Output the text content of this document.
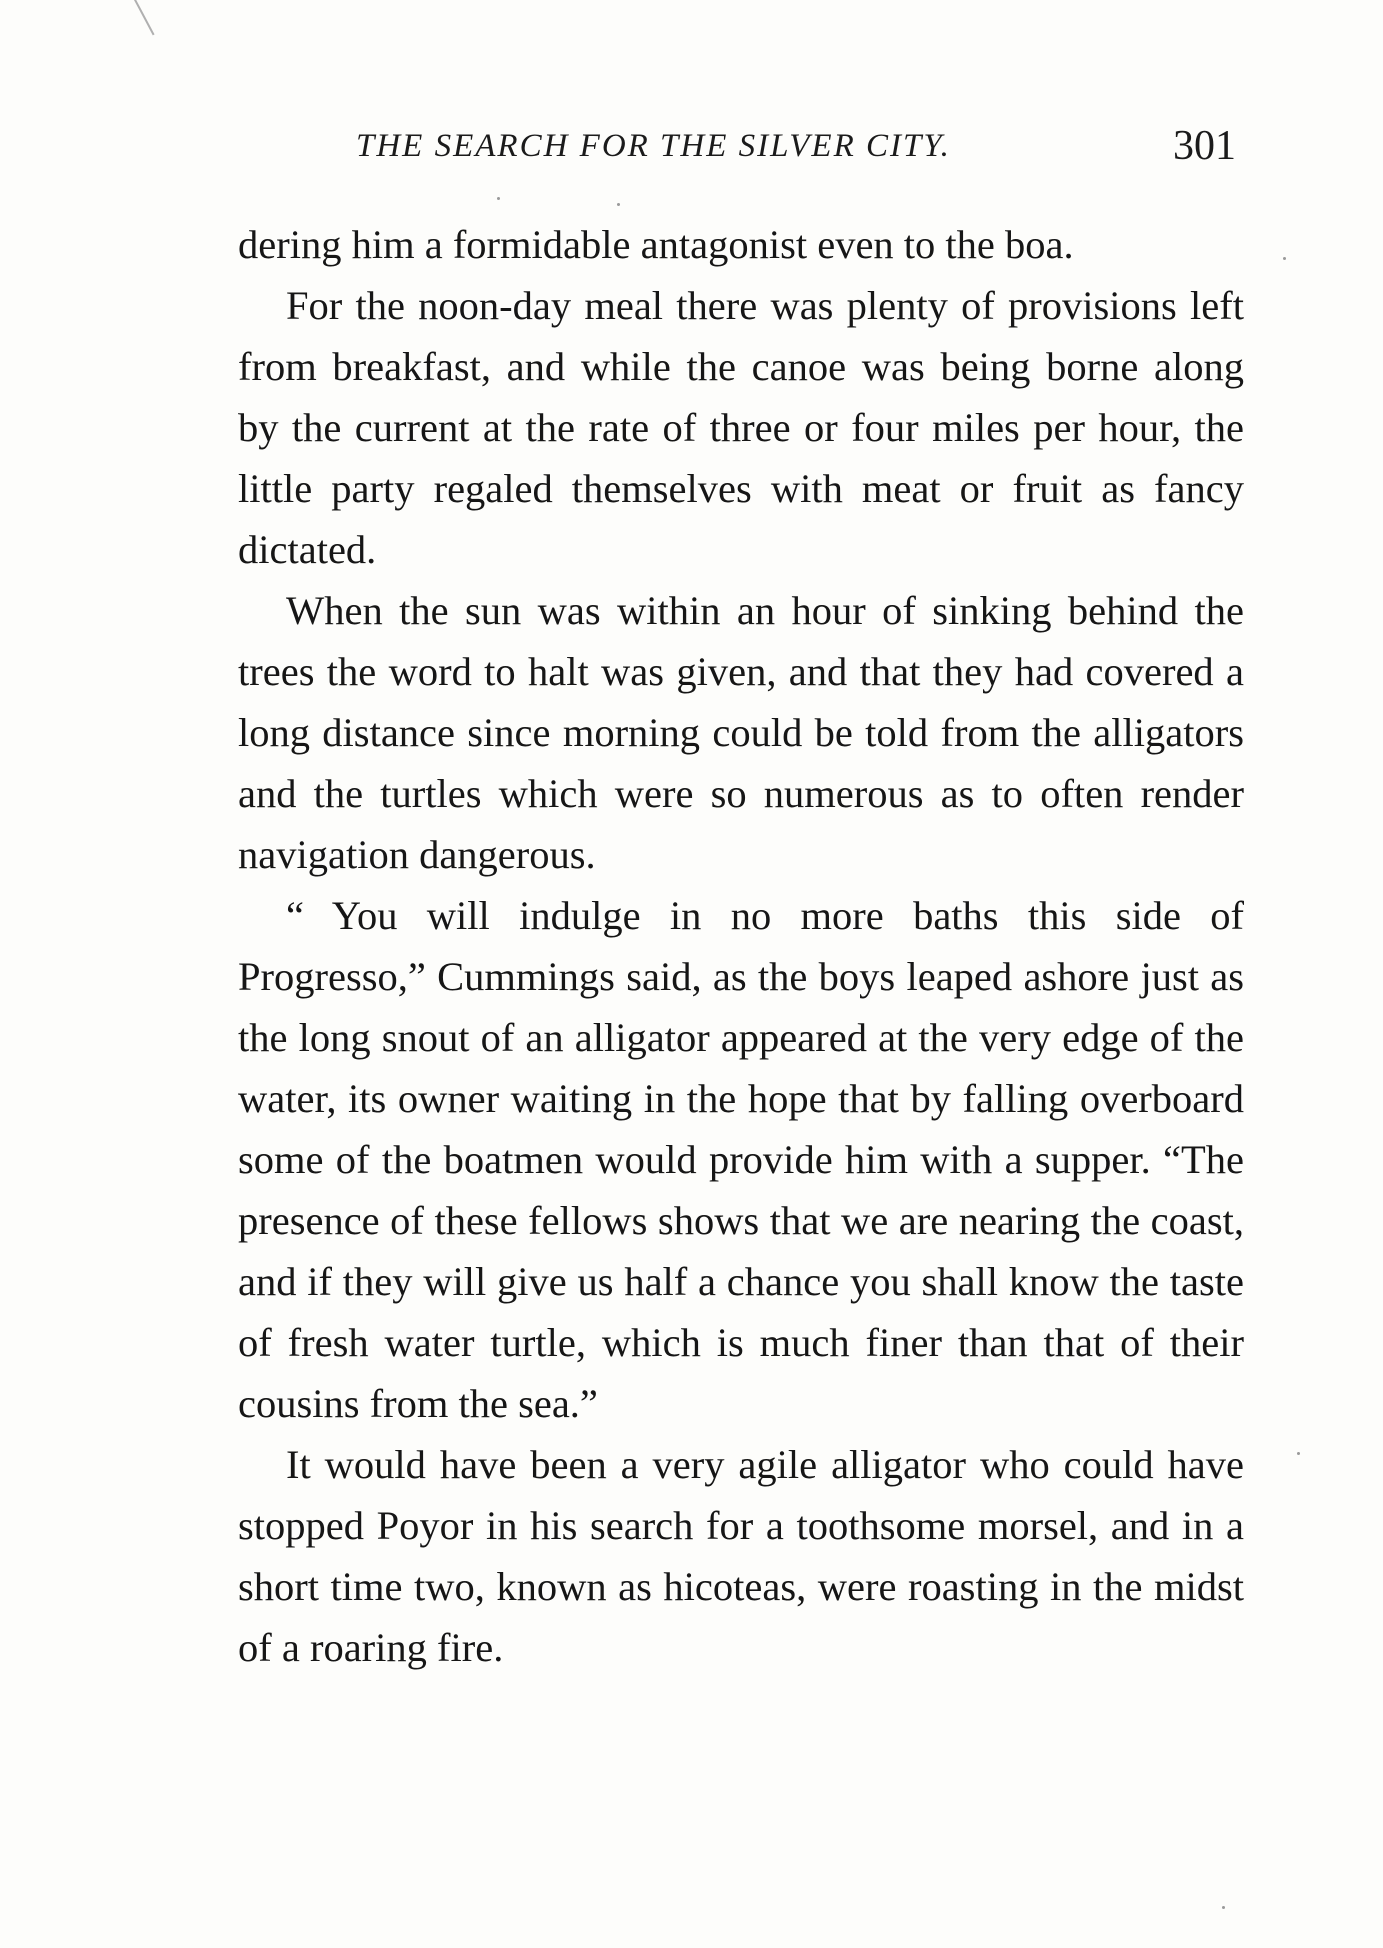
THE SEARCH FOR THE SILVER CITY.	301

dering him a formidable antagonist even to the boa.

For the noon-day meal there was plenty of provisions left from breakfast, and while the canoe was being borne along by the current at the rate of three or four miles per hour, the little party regaled themselves with meat or fruit as fancy dictated.

When the sun was within an hour of sinking behind the trees the word to halt was given, and that they had covered a long distance since morning could be told from the alligators and the turtles which were so numerous as to often render navigation dangerous.

“ You will indulge in no more baths this side of Progresso,” Cummings said, as the boys leaped ashore just as the long snout of an alligator appeared at the very edge of the water, its owner waiting in the hope that by falling overboard some of the boatmen would provide him with a supper. “The presence of these fellows shows that we are nearing the coast, and if they will give us half a chance you shall know the taste of fresh water turtle, which is much finer than that of their cousins from the sea.”

It would have been a very agile alligator who could have stopped Poyor in his search for a toothsome morsel, and in a short time two, known as hicoteas, were roasting in the midst of a roaring fire.
